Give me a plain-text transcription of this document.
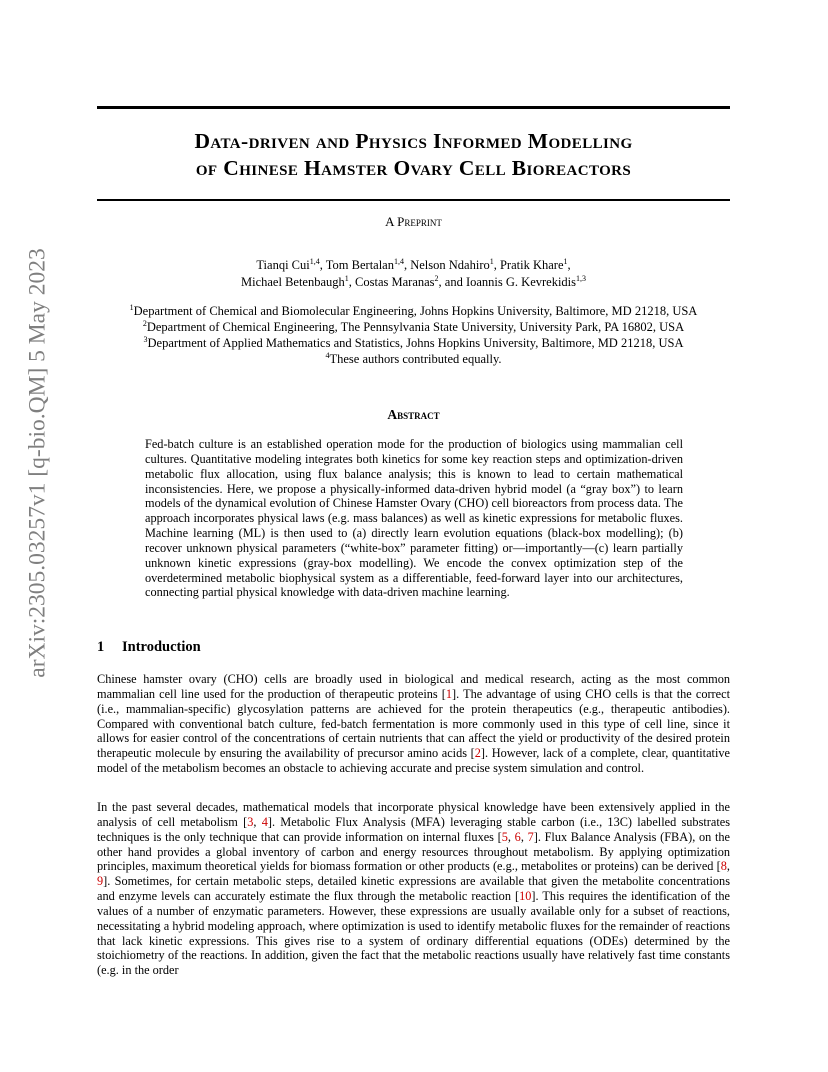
arXiv:2305.03257v1 [q-bio.QM] 5 May 2023
Data-driven and Physics Informed Modelling
of Chinese Hamster Ovary Cell Bioreactors
A Preprint
Tianqi Cui$^{1,4}$, Tom Bertalan$^{1,4}$, Nelson Ndahiro$^1$, Pratik Khare$^1$,
Michael Betenbaugh$^1$, Costas Maranas$^2$, and Ioannis G. Kevrekidis$^{1,3}$
$^1$Department of Chemical and Biomolecular Engineering, Johns Hopkins University, Baltimore, MD 21218, USA
$^2$Department of Chemical Engineering, The Pennsylvania State University, University Park, PA 16802, USA
$^3$Department of Applied Mathematics and Statistics, Johns Hopkins University, Baltimore, MD 21218, USA
$^4$These authors contributed equally.
Abstract

Fed-batch culture is an established operation mode for the production of biologics using mammalian cell cultures. Quantitative modeling integrates both kinetics for some key reaction steps and optimization-driven metabolic flux allocation, using flux balance analysis; this is known to lead to certain mathematical inconsistencies. Here, we propose a physically-informed data-driven hybrid model (a “gray box”) to learn models of the dynamical evolution of Chinese Hamster Ovary (CHO) cell bioreactors from process data. The approach incorporates physical laws (e.g. mass balances) as well as kinetic expressions for metabolic fluxes. Machine learning (ML) is then used to (a) directly learn evolution equations (black-box modelling); (b) recover unknown physical parameters (“white-box” parameter fitting) or—importantly—(c) learn partially unknown kinetic expressions (gray-box modelling). We encode the convex optimization step of the overdetermined metabolic biophysical system as a differentiable, feed-forward layer into our architectures, connecting partial physical knowledge with data-driven machine learning.

1 Introduction

Chinese hamster ovary (CHO) cells are broadly used in biological and medical research, acting as the most common mammalian cell line used for the production of therapeutic proteins [1]. The advantage of using CHO cells is that the correct (i.e., mammalian-specific) glycosylation patterns are achieved for the protein therapeutics (e.g., therapeutic antibodies). Compared with conventional batch culture, fed-batch fermentation is more commonly used in this type of cell line, since it allows for easier control of the concentrations of certain nutrients that can affect the yield or productivity of the desired protein therapeutic molecule by ensuring the availability of precursor amino acids [2]. However, lack of a complete, clear, quantitative model of the metabolism becomes an obstacle to achieving accurate and precise system simulation and control.

In the past several decades, mathematical models that incorporate physical knowledge have been extensively applied in the analysis of cell metabolism [3, 4]. Metabolic Flux Analysis (MFA) leveraging stable carbon (i.e., 13C) labelled substrates techniques is the only technique that can provide information on internal fluxes [5, 6, 7]. Flux Balance Analysis (FBA), on the other hand provides a global inventory of carbon and energy resources throughout metabolism. By applying optimization principles, maximum theoretical yields for biomass formation or other products (e.g., metabolites or proteins) can be derived [8, 9]. Sometimes, for certain metabolic steps, detailed kinetic expressions are available that given the metabolite concentrations and enzyme levels can accurately estimate the flux through the metabolic reaction [10]. This requires the identification of the values of a number of enzymatic parameters. However, these expressions are usually available only for a subset of reactions, necessitating a hybrid modeling approach, where optimization is used to identify metabolic fluxes for the remainder of reactions that lack kinetic expressions. This gives rise to a system of ordinary differential equations (ODEs) determined by the stoichiometry of the reactions. In addition, given the fact that the metabolic reactions usually have relatively fast time constants (e.g. in the order
